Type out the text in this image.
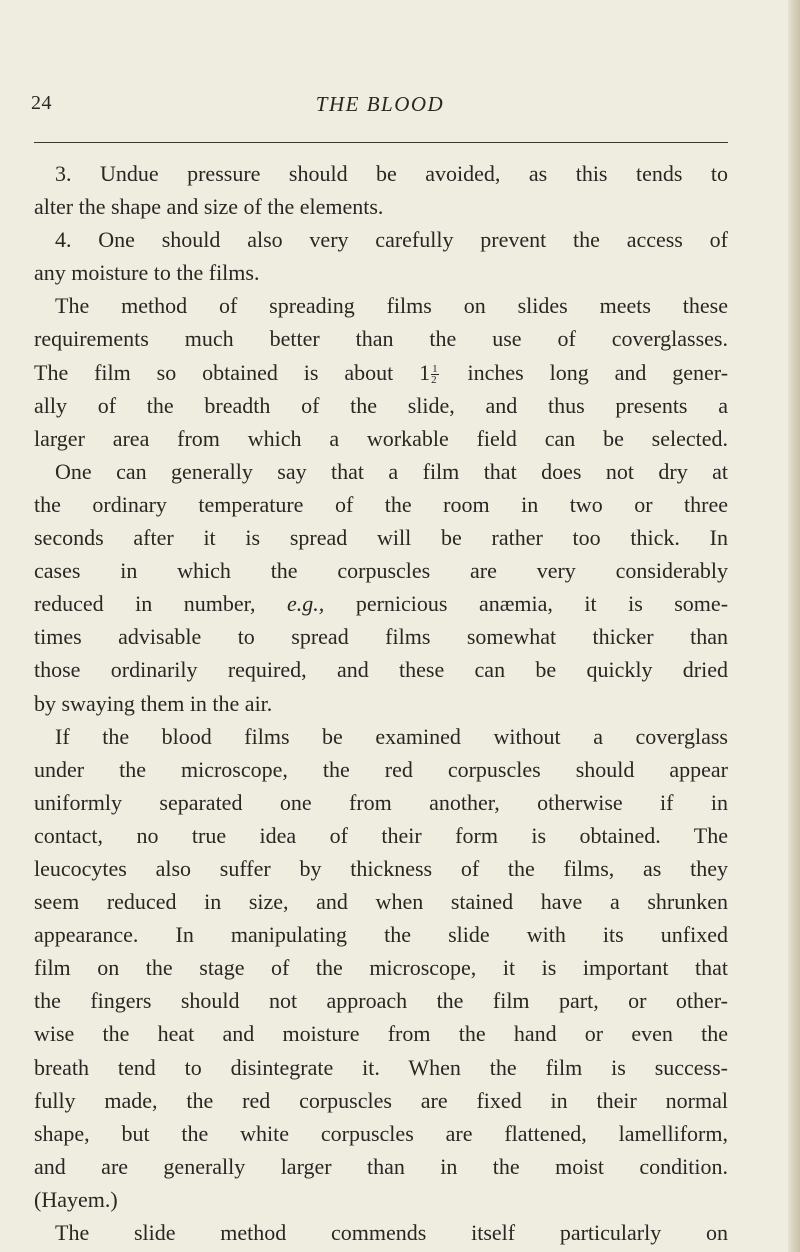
24	THE BLOOD
3. Undue pressure should be avoided, as this tends to
alter the shape and size of the elements.
4. One should also very carefully prevent the access of
any moisture to the films.
The method of spreading films on slides meets these
requirements much better than the use of coverglasses.
The film so obtained is about $1 \frac{1}{2}$ inches long and gener-
ally of the breadth of the slide, and thus presents a
larger area from which a workable field can be selected.
One can generally say that a film that does not dry at
the ordinary temperature of the room in two or three
seconds after it is spread will be rather too thick. In
cases in which the corpuscles are very considerably
reduced in number, e.g., pernicious anæmia, it is some-
times advisable to spread films somewhat thicker than
those ordinarily required, and these can be quickly dried
by swaying them in the air.
If the blood films be examined without a coverglass
under the microscope, the red corpuscles should appear
uniformly separated one from another, otherwise if in
contact, no true idea of their form is obtained. The
leucocytes also suffer by thickness of the films, as they
seem reduced in size, and when stained have a shrunken
appearance. In manipulating the slide with its unfixed
film on the stage of the microscope, it is important that
the fingers should not approach the film part, or other-
wise the heat and moisture from the hand or even the
breath tend to disintegrate it. When the film is success-
fully made, the red corpuscles are fixed in their normal
shape, but the white corpuscles are flattened, lamelliform,
and are generally larger than in the moist condition.
(Hayem.)
The slide method commends itself particularly on
